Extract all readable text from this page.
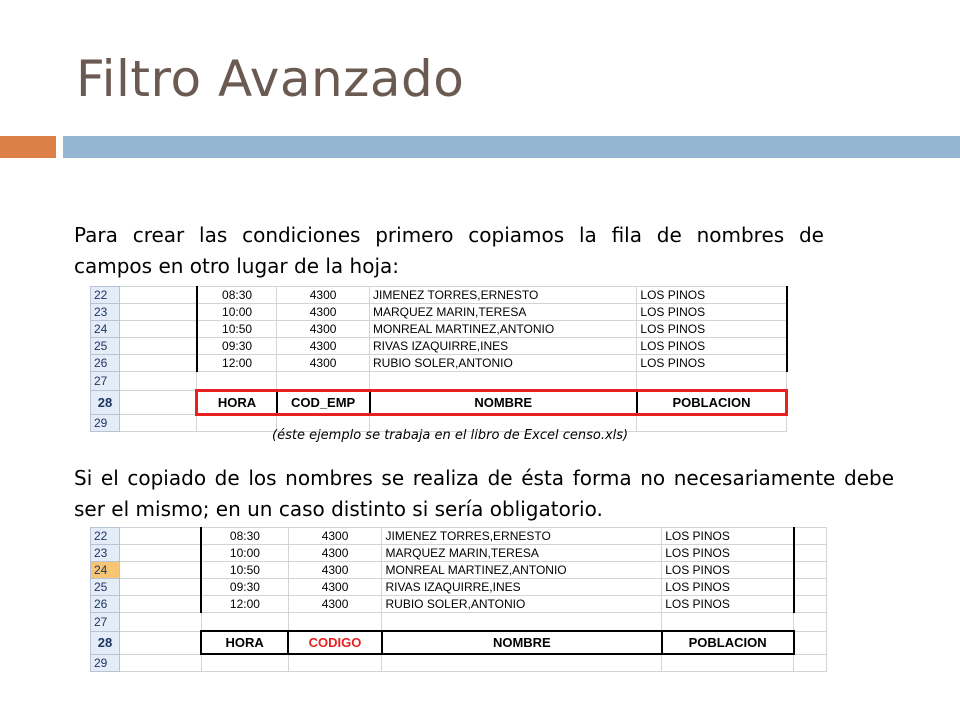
Filtro Avanzado

Para crear las condiciones primero copiamos la fila de nombres de campos en otro lugar de la hoja:

22		08:30	4300	JIMENEZ TORRES,ERNESTO	LOS PINOS
23		10:00	4300	MARQUEZ MARIN,TERESA	LOS PINOS
24		10:50	4300	MONREAL MARTINEZ,ANTONIO	LOS PINOS
25		09:30	4300	RIVAS IZAQUIRRE,INES	LOS PINOS
26		12:00	4300	RUBIO SOLER,ANTONIO	LOS PINOS
27					
28		HORA	COD_EMP	NOMBRE	POBLACION
29					

(éste ejemplo se trabaja en el libro de Excel censo.xls)

Si el copiado de los nombres se realiza de ésta forma no necesariamente debe ser el mismo; en un caso distinto si sería obligatorio.

22		08:30	4300	JIMENEZ TORRES,ERNESTO	LOS PINOS	
23		10:00	4300	MARQUEZ MARIN,TERESA	LOS PINOS	
24		10:50	4300	MONREAL MARTINEZ,ANTONIO	LOS PINOS	
25		09:30	4300	RIVAS IZAQUIRRE,INES	LOS PINOS	
26		12:00	4300	RUBIO SOLER,ANTONIO	LOS PINOS	
27						
28		HORA	CODIGO	NOMBRE	POBLACION	
29						
